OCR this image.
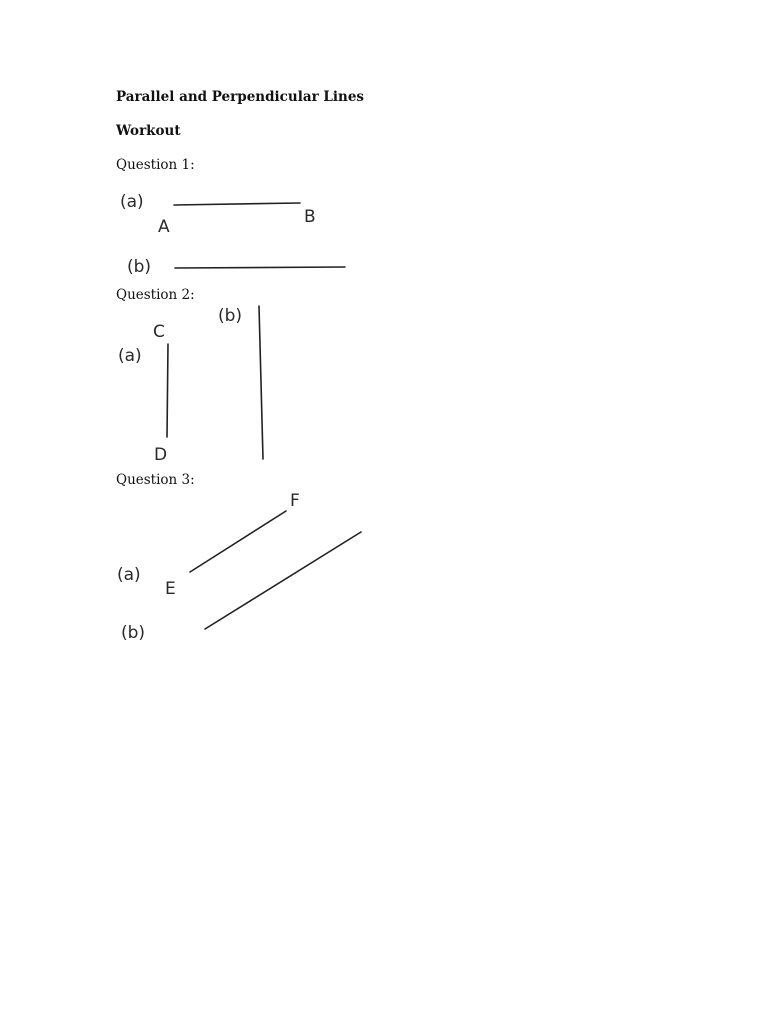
Parallel and Perpendicular Lines
Workout
Question 1:
Question 2:
Question 3:
(a)
A	B
(b)
C
(a)
D
(b)
F
(a)
E
(b)
